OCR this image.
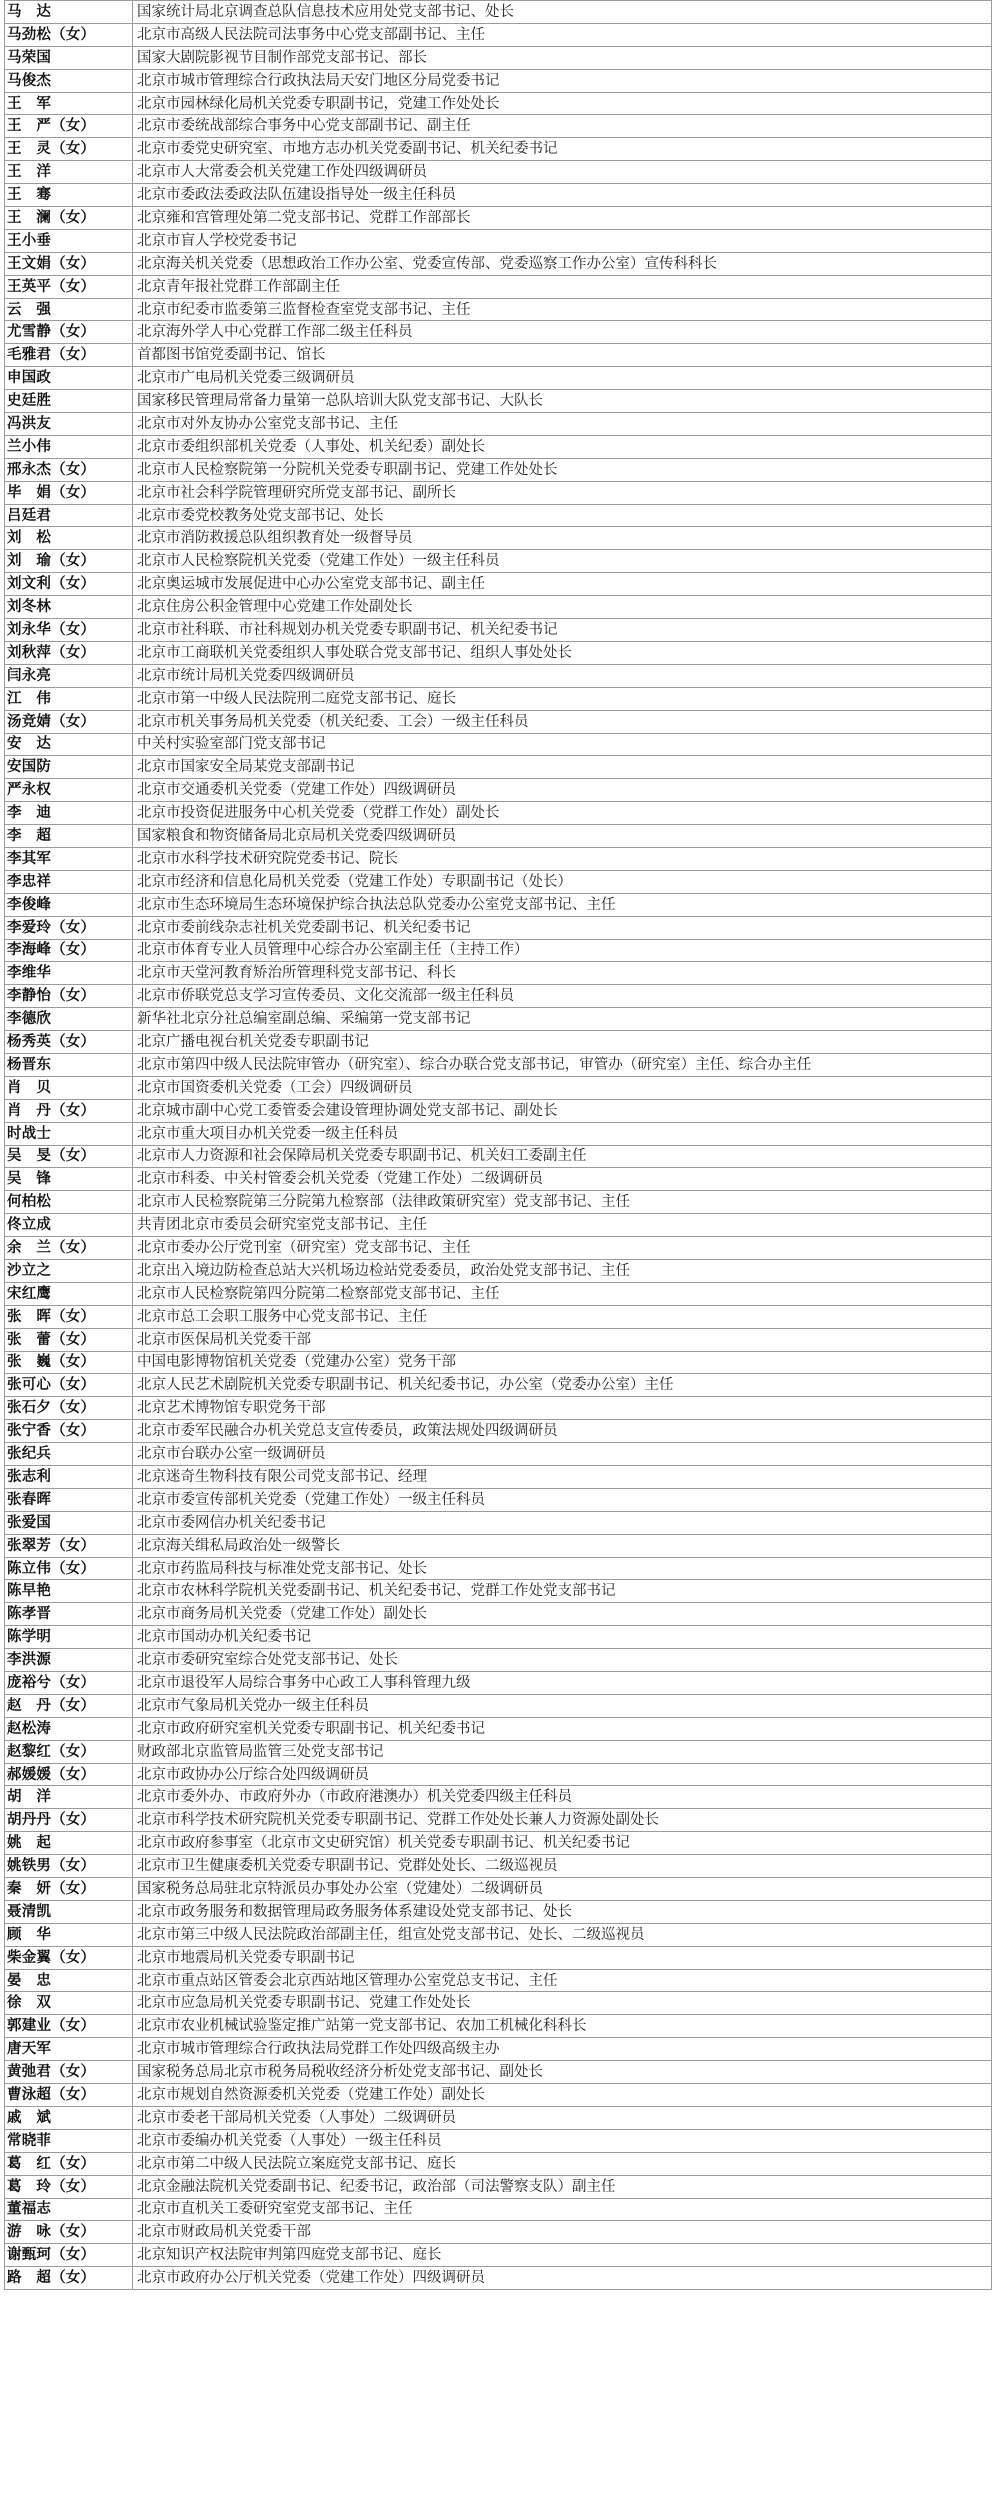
马　达	国家统计局北京调查总队信息技术应用处党支部书记、处长
马劲松（女）	北京市高级人民法院司法事务中心党支部副书记、主任
马荣国	国家大剧院影视节目制作部党支部书记、部长
马俊杰	北京市城市管理综合行政执法局天安门地区分局党委书记
王　军	北京市园林绿化局机关党委专职副书记，党建工作处处长
王　严（女）	北京市委统战部综合事务中心党支部副书记、副主任
王　灵（女）	北京市委党史研究室、市地方志办机关党委副书记、机关纪委书记
王　洋	北京市人大常委会机关党建工作处四级调研员
王　骞	北京市委政法委政法队伍建设指导处一级主任科员
王　澜（女）	北京雍和宫管理处第二党支部书记、党群工作部部长
王小垂	北京市盲人学校党委书记
王文娟（女）	北京海关机关党委（思想政治工作办公室、党委宣传部、党委巡察工作办公室）宣传科科长
王英平（女）	北京青年报社党群工作部副主任
云　强	北京市纪委市监委第三监督检查室党支部书记、主任
尤雪静（女）	北京海外学人中心党群工作部二级主任科员
毛雅君（女）	首都图书馆党委副书记、馆长
申国政	北京市广电局机关党委三级调研员
史廷胜	国家移民管理局常备力量第一总队培训大队党支部书记、大队长
冯洪友	北京市对外友协办公室党支部书记、主任
兰小伟	北京市委组织部机关党委（人事处、机关纪委）副处长
邢永杰（女）	北京市人民检察院第一分院机关党委专职副书记、党建工作处处长
毕　娟（女）	北京市社会科学院管理研究所党支部书记、副所长
吕廷君	北京市委党校教务处党支部书记、处长
刘　松	北京市消防救援总队组织教育处一级督导员
刘　瑜（女）	北京市人民检察院机关党委（党建工作处）一级主任科员
刘文利（女）	北京奥运城市发展促进中心办公室党支部书记、副主任
刘冬林	北京住房公积金管理中心党建工作处副处长
刘永华（女）	北京市社科联、市社科规划办机关党委专职副书记、机关纪委书记
刘秋萍（女）	北京市工商联机关党委组织人事处联合党支部书记、组织人事处处长
闫永亮	北京市统计局机关党委四级调研员
江　伟	北京市第一中级人民法院刑二庭党支部书记、庭长
汤竞婧（女）	北京市机关事务局机关党委（机关纪委、工会）一级主任科员
安　达	中关村实验室部门党支部书记
安国防	北京市国家安全局某党支部副书记
严永权	北京市交通委机关党委（党建工作处）四级调研员
李　迪	北京市投资促进服务中心机关党委（党群工作处）副处长
李　超	国家粮食和物资储备局北京局机关党委四级调研员
李其军	北京市水科学技术研究院党委书记、院长
李忠祥	北京市经济和信息化局机关党委（党建工作处）专职副书记（处长）
李俊峰	北京市生态环境局生态环境保护综合执法总队党委办公室党支部书记、主任
李爱玲（女）	北京市委前线杂志社机关党委副书记、机关纪委书记
李海峰（女）	北京市体育专业人员管理中心综合办公室副主任（主持工作）
李维华	北京市天堂河教育矫治所管理科党支部书记、科长
李静怡（女）	北京市侨联党总支学习宣传委员、文化交流部一级主任科员
李德欣	新华社北京分社总编室副总编、采编第一党支部书记
杨秀英（女）	北京广播电视台机关党委专职副书记
杨晋东	北京市第四中级人民法院审管办（研究室）、综合办联合党支部书记，审管办（研究室）主任、综合办主任
肖　贝	北京市国资委机关党委（工会）四级调研员
肖　丹（女）	北京城市副中心党工委管委会建设管理协调处党支部书记、副处长
时战士	北京市重大项目办机关党委一级主任科员
吴　旻（女）	北京市人力资源和社会保障局机关党委专职副书记、机关妇工委副主任
吴　锋	北京市科委、中关村管委会机关党委（党建工作处）二级调研员
何柏松	北京市人民检察院第三分院第九检察部（法律政策研究室）党支部书记、主任
佟立成	共青团北京市委员会研究室党支部书记、主任
余　兰（女）	北京市委办公厅党刊室（研究室）党支部书记、主任
沙立之	北京出入境边防检查总站大兴机场边检站党委委员，政治处党支部书记、主任
宋红鹰	北京市人民检察院第四分院第二检察部党支部书记、主任
张　晖（女）	北京市总工会职工服务中心党支部书记、主任
张　蕾（女）	北京市医保局机关党委干部
张　巍（女）	中国电影博物馆机关党委（党建办公室）党务干部
张可心（女）	北京人民艺术剧院机关党委专职副书记、机关纪委书记，办公室（党委办公室）主任
张石夕（女）	北京艺术博物馆专职党务干部
张宁香（女）	北京市委军民融合办机关党总支宣传委员，政策法规处四级调研员
张纪兵	北京市台联办公室一级调研员
张志利	北京迷奇生物科技有限公司党支部书记、经理
张春晖	北京市委宣传部机关党委（党建工作处）一级主任科员
张爱国	北京市委网信办机关纪委书记
张翠芳（女）	北京海关缉私局政治处一级警长
陈立伟（女）	北京市药监局科技与标准处党支部书记、处长
陈早艳	北京市农林科学院机关党委副书记、机关纪委书记、党群工作处党支部书记
陈孝晋	北京市商务局机关党委（党建工作处）副处长
陈学明	北京市国动办机关纪委书记
李洪源	北京市委研究室综合处党支部书记、处长
庞裕兮（女）	北京市退役军人局综合事务中心政工人事科管理九级
赵　丹（女）	北京市气象局机关党办一级主任科员
赵松涛	北京市政府研究室机关党委专职副书记、机关纪委书记
赵黎红（女）	财政部北京监管局监管三处党支部书记
郝媛媛（女）	北京市政协办公厅综合处四级调研员
胡　洋	北京市委外办、市政府外办（市政府港澳办）机关党委四级主任科员
胡丹丹（女）	北京市科学技术研究院机关党委专职副书记、党群工作处处长兼人力资源处副处长
姚　起	北京市政府参事室（北京市文史研究馆）机关党委专职副书记、机关纪委书记
姚铁男（女）	北京市卫生健康委机关党委专职副书记、党群处处长、二级巡视员
秦　妍（女）	国家税务总局驻北京特派员办事处办公室（党建处）二级调研员
聂清凯	北京市政务服务和数据管理局政务服务体系建设处党支部书记、处长
顾　华	北京市第三中级人民法院政治部副主任，组宣处党支部书记、处长、二级巡视员
柴金翼（女）	北京市地震局机关党委专职副书记
晏　忠	北京市重点站区管委会北京西站地区管理办公室党总支书记、主任
徐　双	北京市应急局机关党委专职副书记、党建工作处处长
郭建业（女）	北京市农业机械试验鉴定推广站第一党支部书记、农加工机械化科科长
唐天军	北京市城市管理综合行政执法局党群工作处四级高级主办
黄弛君（女）	国家税务总局北京市税务局税收经济分析处党支部书记、副处长
曹泳超（女）	北京市规划自然资源委机关党委（党建工作处）副处长
戚　斌	北京市委老干部局机关党委（人事处）二级调研员
常晓菲	北京市委编办机关党委（人事处）一级主任科员
葛　红（女）	北京市第二中级人民法院立案庭党支部书记、庭长
葛　玲（女）	北京金融法院机关党委副书记、纪委书记，政治部（司法警察支队）副主任
董福志	北京市直机关工委研究室党支部书记、主任
游　咏（女）	北京市财政局机关党委干部
谢甄珂（女）	北京知识产权法院审判第四庭党支部书记、庭长
路　超（女）	北京市政府办公厅机关党委（党建工作处）四级调研员
